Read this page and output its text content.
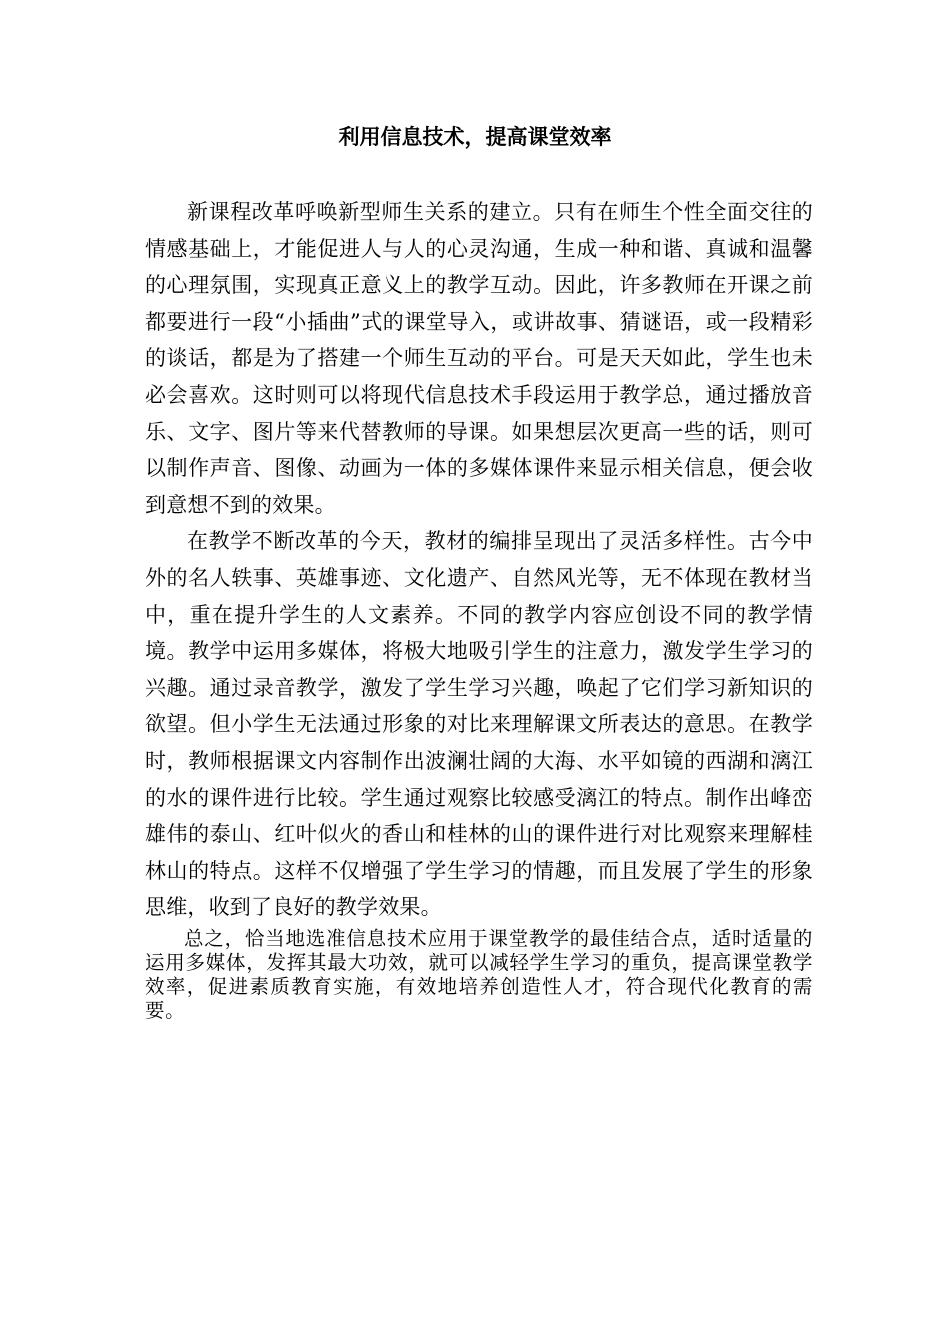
利用信息技术，提高课堂效率

新课程改革呼唤新型师生关系的建立。只有在师生个性全面交往的情感基础上，才能促进人与人的心灵沟通，生成一种和谐、真诚和温馨的心理氛围，实现真正意义上的教学互动。因此，许多教师在开课之前都要进行一段“小插曲”式的课堂导入，或讲故事、猜谜语，或一段精彩的谈话，都是为了搭建一个师生互动的平台。可是天天如此，学生也未必会喜欢。这时则可以将现代信息技术手段运用于教学总，通过播放音乐、文字、图片等来代替教师的导课。如果想层次更高一些的话，则可以制作声音、图像、动画为一体的多媒体课件来显示相关信息，便会收到意想不到的效果。

在教学不断改革的今天，教材的编排呈现出了灵活多样性。古今中外的名人轶事、英雄事迹、文化遗产、自然风光等，无不体现在教材当中，重在提升学生的人文素养。不同的教学内容应创设不同的教学情境。教学中运用多媒体，将极大地吸引学生的注意力，激发学生学习的兴趣。通过录音教学，激发了学生学习兴趣，唤起了它们学习新知识的欲望。但小学生无法通过形象的对比来理解课文所表达的意思。在教学时，教师根据课文内容制作出波澜壮阔的大海、水平如镜的西湖和漓江的水的课件进行比较。学生通过观察比较感受漓江的特点。制作出峰峦雄伟的泰山、红叶似火的香山和桂林的山的课件进行对比观察来理解桂林山的特点。这样不仅增强了学生学习的情趣，而且发展了学生的形象思维，收到了良好的教学效果。

总之，恰当地选准信息技术应用于课堂教学的最佳结合点，适时适量的运用多媒体，发挥其最大功效，就可以减轻学生学习的重负，提高课堂教学效率，促进素质教育实施，有效地培养创造性人才，符合现代化教育的需要。
